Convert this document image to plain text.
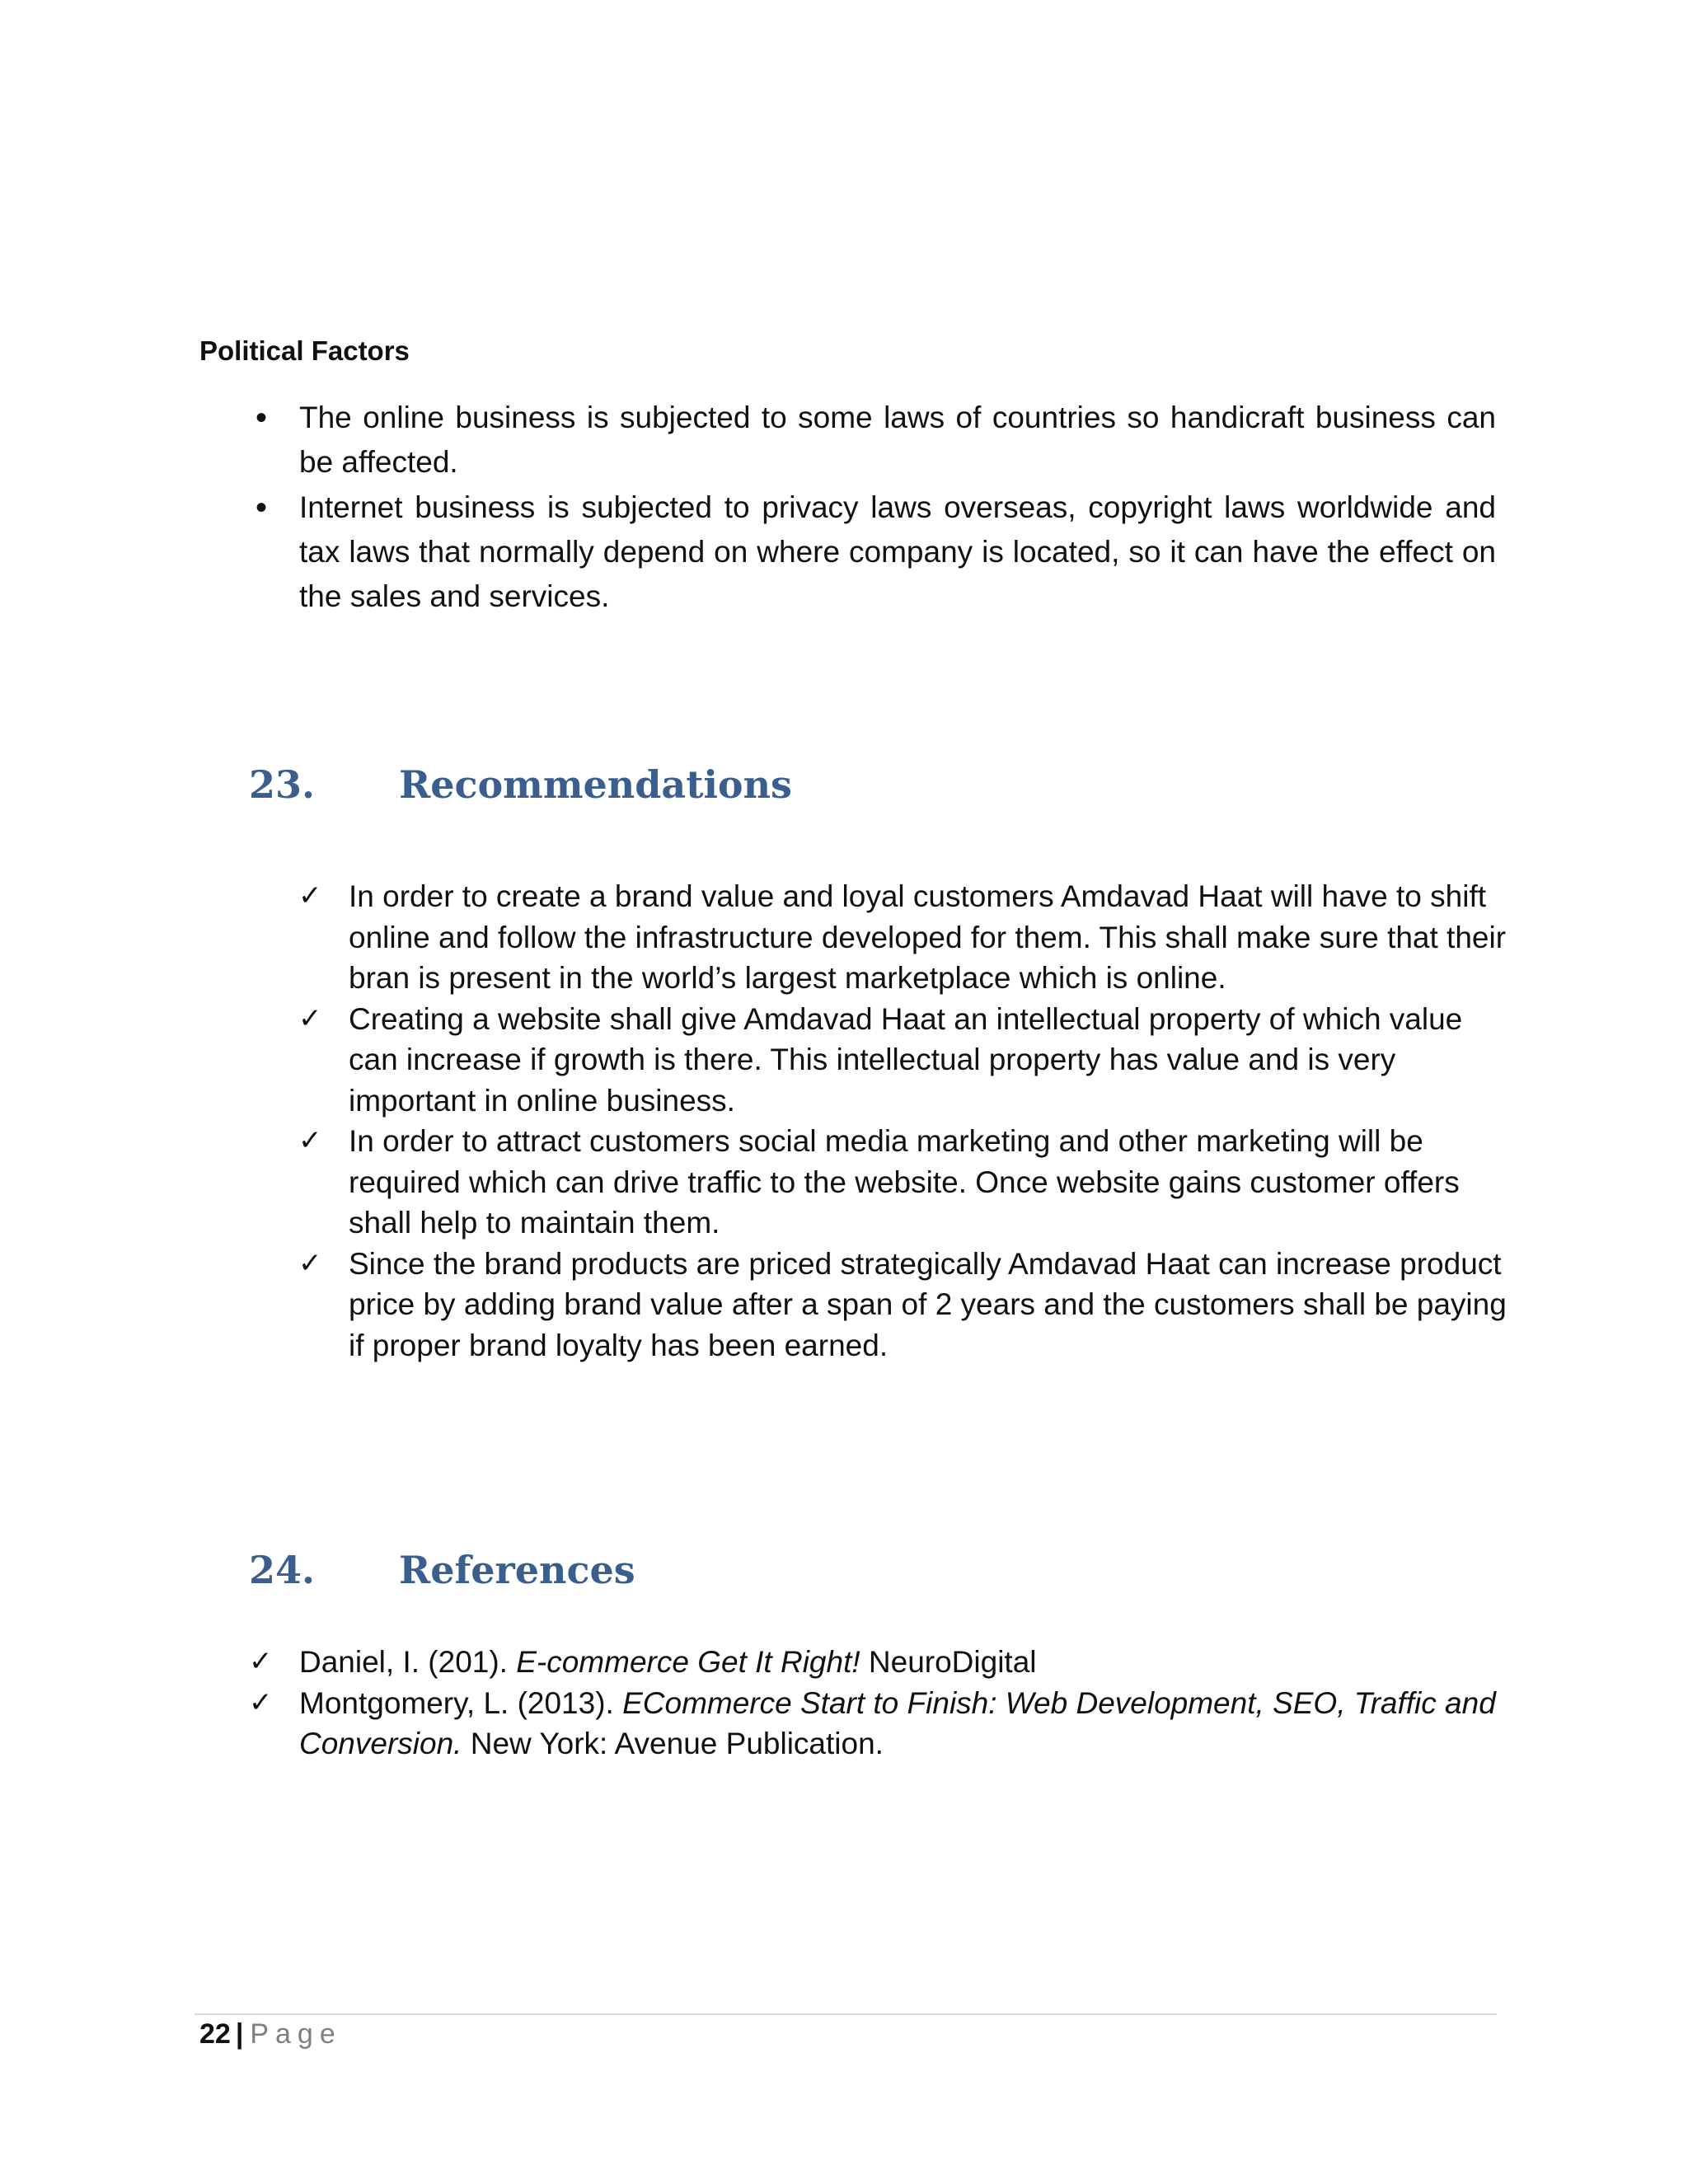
Political Factors

• The online business is subjected to some laws of countries so handicraft business can be affected.
• Internet business is subjected to privacy laws overseas, copyright laws worldwide and tax laws that normally depend on where company is located, so it can have the effect on the sales and services.
23. Recommendations
✓ In order to create a brand value and loyal customers Amdavad Haat will have to shift online and follow the infrastructure developed for them. This shall make sure that their bran is present in the world’s largest marketplace which is online.
✓ Creating a website shall give Amdavad Haat an intellectual property of which value can increase if growth is there. This intellectual property has value and is very important in online business.
✓ In order to attract customers social media marketing and other marketing will be required which can drive traffic to the website. Once website gains customer offers shall help to maintain them.
✓ Since the brand products are priced strategically Amdavad Haat can increase product price by adding brand value after a span of 2 years and the customers shall be paying if proper brand loyalty has been earned.
24. References
✓ Daniel, I. (201). E-commerce Get It Right! NeuroDigital
✓ Montgomery, L. (2013). ECommerce Start to Finish: Web Development, SEO, Traffic and Conversion. New York: Avenue Publication.

22 | Page
